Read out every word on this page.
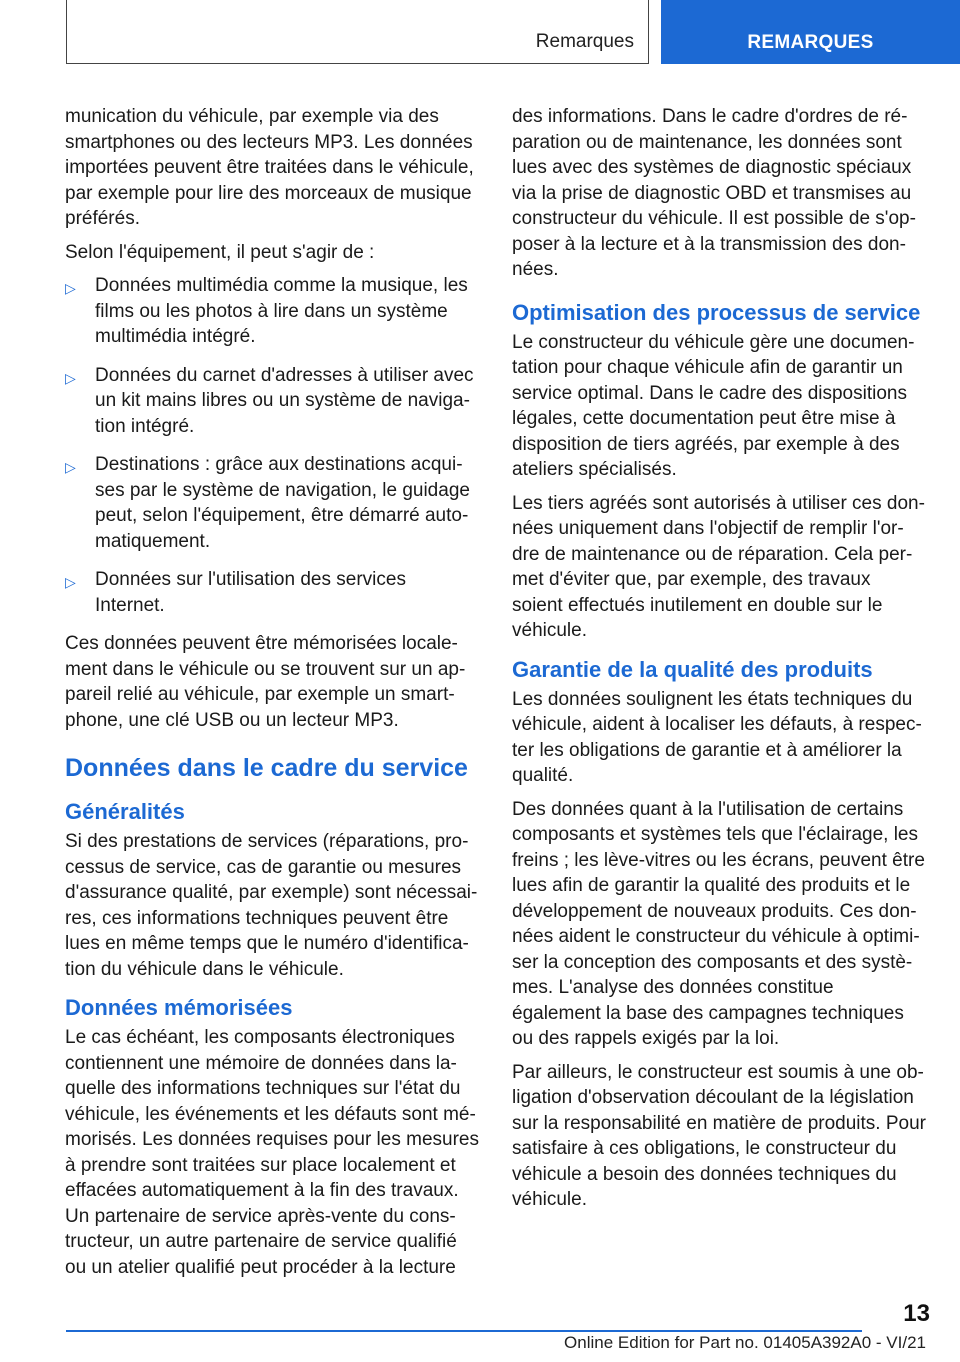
Remarques	REMARQUES

munication du véhicule, par exemple via des smartphones ou des lecteurs MP3. Les données importées peuvent être traitées dans le véhicule, par exemple pour lire des morceaux de musique préférés.

Selon l'équipement, il peut s'agir de :

▷ Données multimédia comme la musique, les films ou les photos à lire dans un système multimédia intégré.
▷ Données du carnet d'adresses à utiliser avec un kit mains libres ou un système de naviga-tion intégré.
▷ Destinations : grâce aux destinations acqui-ses par le système de navigation, le guidage peut, selon l'équipement, être démarré auto-matiquement.
▷ Données sur l'utilisation des services Internet.

Ces données peuvent être mémorisées locale-ment dans le véhicule ou se trouvent sur un ap-pareil relié au véhicule, par exemple un smart-phone, une clé USB ou un lecteur MP3.

Données dans le cadre du service
Généralités

Si des prestations de services (réparations, pro-cessus de service, cas de garantie ou mesures d'assurance qualité, par exemple) sont nécessai-res, ces informations techniques peuvent être lues en même temps que le numéro d'identifica-tion du véhicule dans le véhicule.

Données mémorisées

Le cas échéant, les composants électroniques contiennent une mémoire de données dans la-quelle des informations techniques sur l'état du véhicule, les événements et les défauts sont mé-morisés. Les données requises pour les mesures à prendre sont traitées sur place localement et effacées automatiquement à la fin des travaux. Un partenaire de service après-vente du cons-tructeur, un autre partenaire de service qualifié ou un atelier qualifié peut procéder à la lecture

des informations. Dans le cadre d'ordres de ré-paration ou de maintenance, les données sont lues avec des systèmes de diagnostic spéciaux via la prise de diagnostic OBD et transmises au constructeur du véhicule. Il est possible de s'op-poser à la lecture et à la transmission des don-nées.

Optimisation des processus de service

Le constructeur du véhicule gère une documen-tation pour chaque véhicule afin de garantir un service optimal. Dans le cadre des dispositions légales, cette documentation peut être mise à disposition de tiers agréés, par exemple à des ateliers spécialisés.

Les tiers agréés sont autorisés à utiliser ces don-nées uniquement dans l'objectif de remplir l'or-dre de maintenance ou de réparation. Cela per-met d'éviter que, par exemple, des travaux soient effectués inutilement en double sur le véhicule.

Garantie de la qualité des produits

Les données soulignent les états techniques du véhicule, aident à localiser les défauts, à respec-ter les obligations de garantie et à améliorer la qualité.

Des données quant à la l'utilisation de certains composants et systèmes tels que l'éclairage, les freins ; les lève-vitres ou les écrans, peuvent être lues afin de garantir la qualité des produits et le développement de nouveaux produits. Ces don-nées aident le constructeur du véhicule à optimi-ser la conception des composants et des systè-mes. L'analyse des données constitue également la base des campagnes techniques ou des rappels exigés par la loi.

Par ailleurs, le constructeur est soumis à une ob-ligation d'observation découlant de la législation sur la responsabilité en matière de produits. Pour satisfaire à ces obligations, le constructeur du véhicule a besoin des données techniques du véhicule.

13
Online Edition for Part no. 01405A392A0 - VI/21
